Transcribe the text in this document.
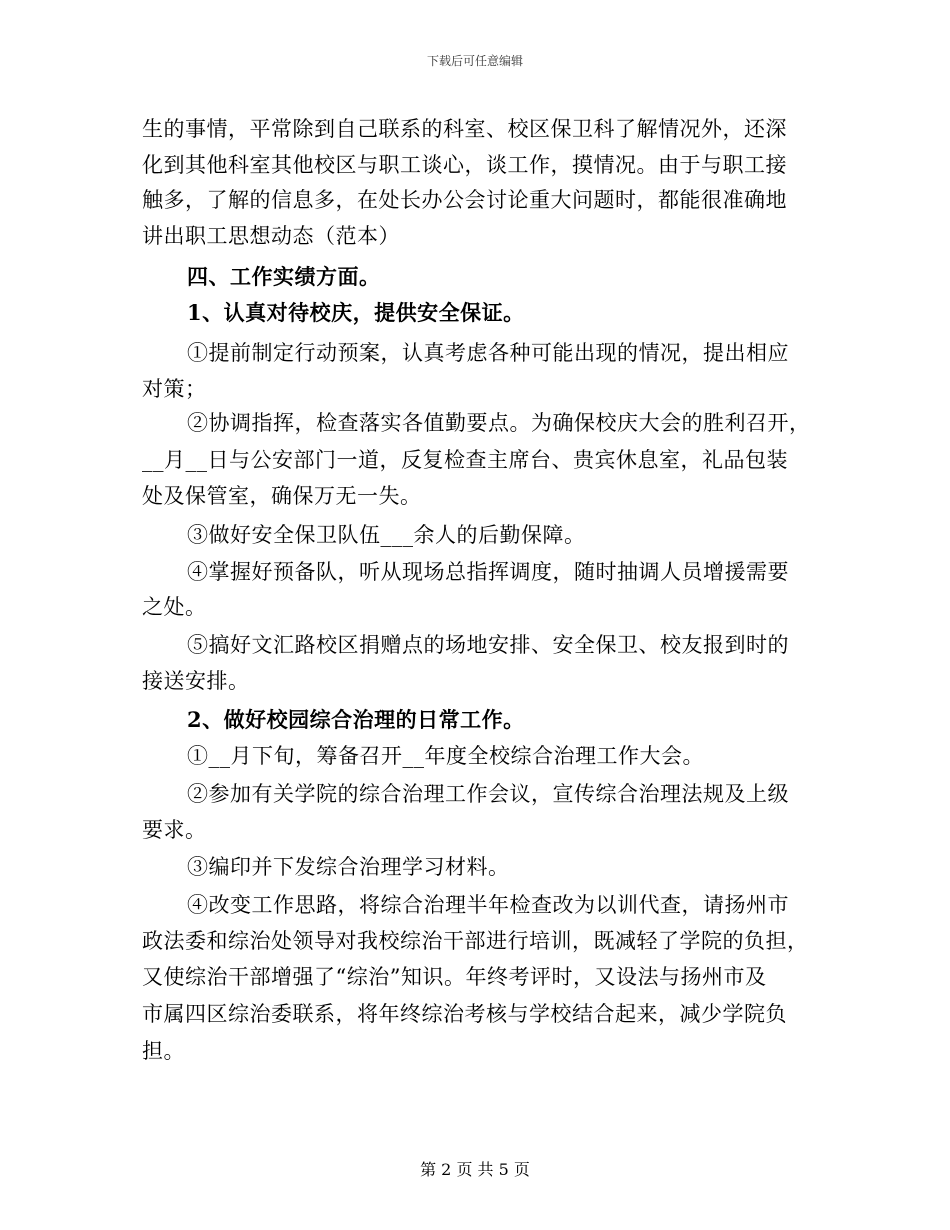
下载后可任意编辑
生的事情，平常除到自己联系的科室、校区保卫科了解情况外，还深
化到其他科室其他校区与职工谈心，谈工作，摸情况。由于与职工接
触多，了解的信息多，在处长办公会讨论重大问题时，都能很准确地
讲出职工思想动态（范本）
四、工作实绩方面。
1、认真对待校庆，提供安全保证。
①提前制定行动预案，认真考虑各种可能出现的情况，提出相应
对策；
②协调指挥，检查落实各值勤要点。为确保校庆大会的胜利召开，
__月__日与公安部门一道，反复检查主席台、贵宾休息室，礼品包装
处及保管室，确保万无一失。
③做好安全保卫队伍___余人的后勤保障。
④掌握好预备队，听从现场总指挥调度，随时抽调人员增援需要
之处。
⑤搞好文汇路校区捐赠点的场地安排、安全保卫、校友报到时的
接送安排。
2、做好校园综合治理的日常工作。
①__月下旬，筹备召开__年度全校综合治理工作大会。
②参加有关学院的综合治理工作会议，宣传综合治理法规及上级
要求。
③编印并下发综合治理学习材料。
④改变工作思路，将综合治理半年检查改为以训代查，请扬州市
政法委和综治处领导对我校综治干部进行培训，既减轻了学院的负担，
又使综治干部增强了“综治”知识。年终考评时，又设法与扬州市及
市属四区综治委联系，将年终综治考核与学校结合起来，减少学院负
担。
第 2 页 共 5 页
